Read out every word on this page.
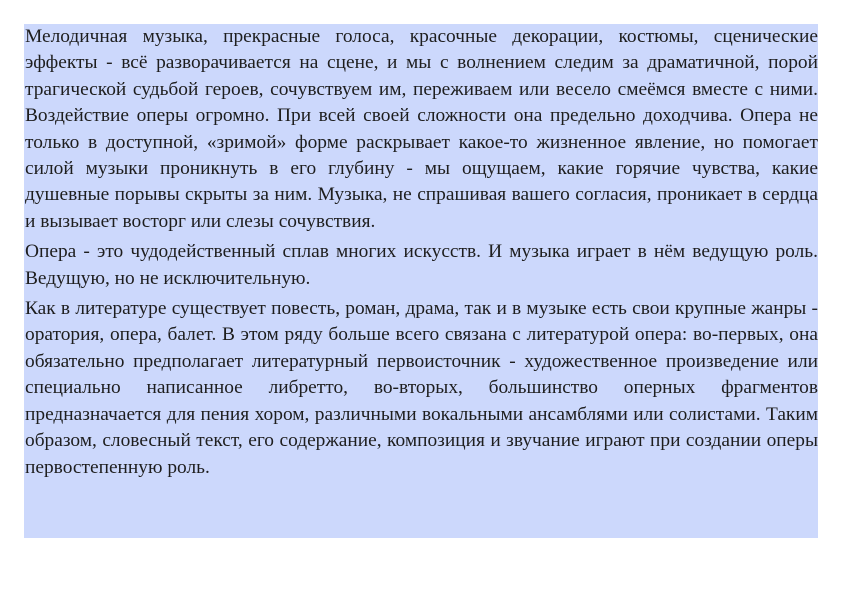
Мелодичная музыка, прекрасные голоса, красочные декорации, костюмы, сценические эффекты - всё разворачивается на сцене, и мы с волнением следим за драматичной, порой трагической судьбой героев, сочувствуем им, переживаем или весело смеёмся вместе с ними. Воздействие оперы огромно. При всей своей сложности она предельно доходчива. Опера не только в доступной, «зримой» форме раскрывает какое-то жизненное явление, но помогает силой музыки проникнуть в его глубину - мы ощущаем, какие горячие чувства, какие душевные порывы скрыты за ним. Музыка, не спрашивая вашего согласия, проникает в сердца и вызывает восторг или слезы сочувствия.

Опера - это чудодейственный сплав многих искусств. И музыка играет в нём ведущую роль. Ведущую, но не исключительную.

Как в литературе существует повесть, роман, драма, так и в музыке есть свои крупные жанры - оратория, опера, балет. В этом ряду больше всего связана с литературой опера: во-первых, она обязательно предполагает литературный первоисточник - художественное произведение или специально написанное либретто, во-вторых, большинство оперных фрагментов предназначается для пения хором, различными вокальными ансамблями или солистами. Таким образом, словесный текст, его содержание, композиция и звучание играют при создании оперы первостепенную роль.
